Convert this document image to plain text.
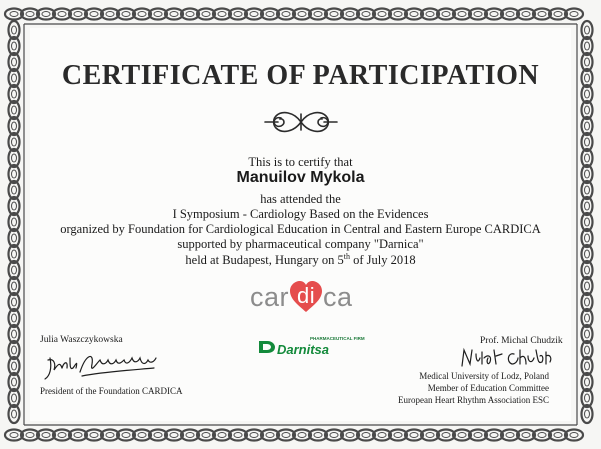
CERTIFICATE OF PARTICIPATION
This is to certify that
Manuilov Mykola
has attended the
I Symposium - Cardiology Based on the Evidences
organized by Foundation for Cardiological Education in Central and Eastern Europe CARDICA
supported by pharmaceutical company "Darnica"
held at Budapest, Hungary on 5th of July 2018
car di ca
Julia Waszczykowska
President of the Foundation CARDICA
PHARMACEUTICAL FIRM
Darnitsa
Prof. Michal Chudzik
Medical University of Lodz, Poland
Member of Education Committee
European Heart Rhythm Association ESC
